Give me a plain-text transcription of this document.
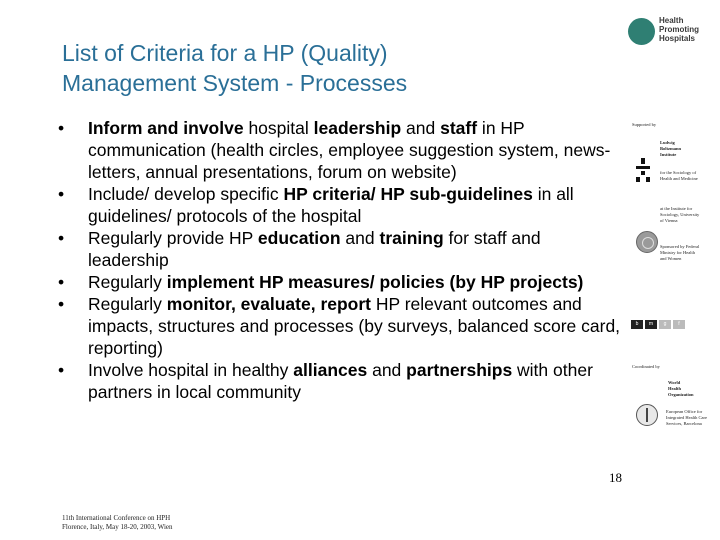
Health
Promoting
Hospitals
List of Criteria for a HP (Quality)
Management System - Processes
•	Inform and involve hospital leadership and staff in HP communication (health circles, employee suggestion system, news-letters, annual presentations, forum on website)
•	Include/ develop specific HP criteria/ HP sub-guidelines in all guidelines/ protocols of the hospital
•	Regularly provide HP education and training for staff and leadership
•	Regularly implement HP measures/ policies (by HP projects)
•	Regularly monitor, evaluate, report HP relevant outcomes and impacts, structures and processes (by surveys, balanced score card, reporting)
•	Involve hospital in healthy alliances and partnerships with other partners in local community
Supported by
Ludwig
Boltzmann
Institute
for the Sociology of
Health and Medicine
at the Institute for
Sociology, University
of Vienna
Sponsored by Federal
Ministry for Health
and Women
Coordinated by
World
Health
Organization
European Office for
Integrated Health Care
Services, Barcelona
b	m	g	f
18
11th International Conference on HPH
Florence, Italy, May 18-20, 2003, Wien
